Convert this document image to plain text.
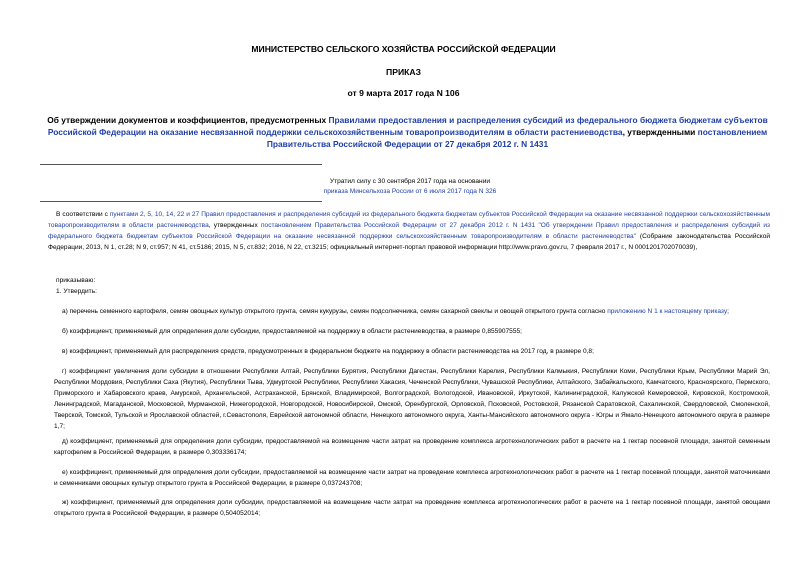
МИНИСТЕРСТВО СЕЛЬСКОГО ХОЗЯЙСТВА РОССИЙСКОЙ ФЕДЕРАЦИИ
ПРИКАЗ
от 9 марта 2017 года N 106
Об утверждении документов и коэффициентов, предусмотренных Правилами предоставления и распределения субсидий из федерального бюджета бюджетам субъектов Российской Федерации на оказание несвязанной поддержки сельскохозяйственным товаропроизводителям в области растениеводства, утвержденными постановлением Правительства Российской Федерации от 27 декабря 2012 г. N 1431
Утратил силу с 30 сентября 2017 года на основании
приказа Минсельхоза России от 6 июля 2017 года N 326
В соответствии с пунктами 2, 5, 10, 14, 22 и 27 Правил предоставления и распределения субсидий из федерального бюджета бюджетам субъектов Российской Федерации на оказание несвязанной поддержки сельскохозяйственным товаропроизводителям в области растениеводства, утвержденных постановлением Правительства Российской Федерации от 27 декабря 2012 г. N 1431 "Об утверждении Правил предоставления и распределения субсидий из федерального бюджета бюджетам субъектов Российской Федерации на оказание несвязанной поддержки сельскохозяйственным товаропроизводителям в области растениеводства" (Собрание законодательства Российской Федерации, 2013, N 1, ст.28; N 9, ст.957; N 41, ст.5186; 2015, N 5, ст.832; 2016, N 22, ст.3215; официальный интернет-портал правовой информации http://www.pravo.gov.ru, 7 февраля 2017 г., N 0001201702070039),
приказываю:
1. Утвердить:
а) перечень семенного картофеля, семян овощных культур открытого грунта, семян кукурузы, семян подсолнечника, семян сахарной свеклы и овощей открытого грунта согласно приложению N 1 к настоящему приказу;
б) коэффициент, применяемый для определения доли субсидии, предоставляемой на поддержку в области растениеводства, в размере 0,855907555;
в) коэффициент, применяемый для распределения средств, предусмотренных в федеральном бюджете на поддержку в области растениеводства на 2017 год, в размере 0,8;
г) коэффициент увеличения доли субсидии в отношении Республики Алтай, Республики Бурятия, Республики Дагестан, Республики Карелия, Республики Калмыкия, Республики Коми, Республики Крым, Республики Марий Эл, Республики Мордовия, Республики Саха (Якутия), Республики Тыва, Удмуртской Республики, Республики Хакасия, Чеченской Республики, Чувашской Республики, Алтайского, Забайкальского, Камчатского, Красноярского, Пермского, Приморского и Хабаровского краев, Амурской, Архангельской, Астраханской, Брянской, Владимирской, Волгоградской, Вологодской, Ивановской, Иркутской, Калининградской, Калужской Кемеровской, Кировской, Костромской, Ленинградской, Магаданской, Московской, Мурманской, Нижегородской, Новгородской, Новосибирской, Омской, Оренбургской, Орловской, Псковской, Ростовской, Рязанской Саратовской, Сахалинской, Свердловской, Смоленской, Тверской, Томской, Тульской и Ярославской областей, г.Севастополя, Еврейской автономной области, Ненецкого автономного округа, Ханты-Мансийского автономного округа - Югры и Ямало-Ненецкого автономного округа в размере 1,7;
д) коэффициент, применяемый для определения доли субсидии, предоставляемой на возмещение части затрат на проведение комплекса агротехнологических работ в расчете на 1 гектар посевной площади, занятой семенным картофелем в Российской Федерации, в размере 0,303336174;
е) коэффициент, применяемый для определения доли субсидии, предоставляемой на возмещение части затрат на проведение комплекса агротехнологических работ в расчете на 1 гектар посевной площади, занятой маточниками и семенниками овощных культур открытого грунта в Российской Федерации, в размере 0,037243708;
ж) коэффициент, применяемый для определения доли субсидии, предоставляемой на возмещение части затрат на проведение комплекса агротехнологических работ в расчете на 1 гектар посевной площади, занятой овощами открытого грунта в Российской Федерации, в размере 0,504052014;
